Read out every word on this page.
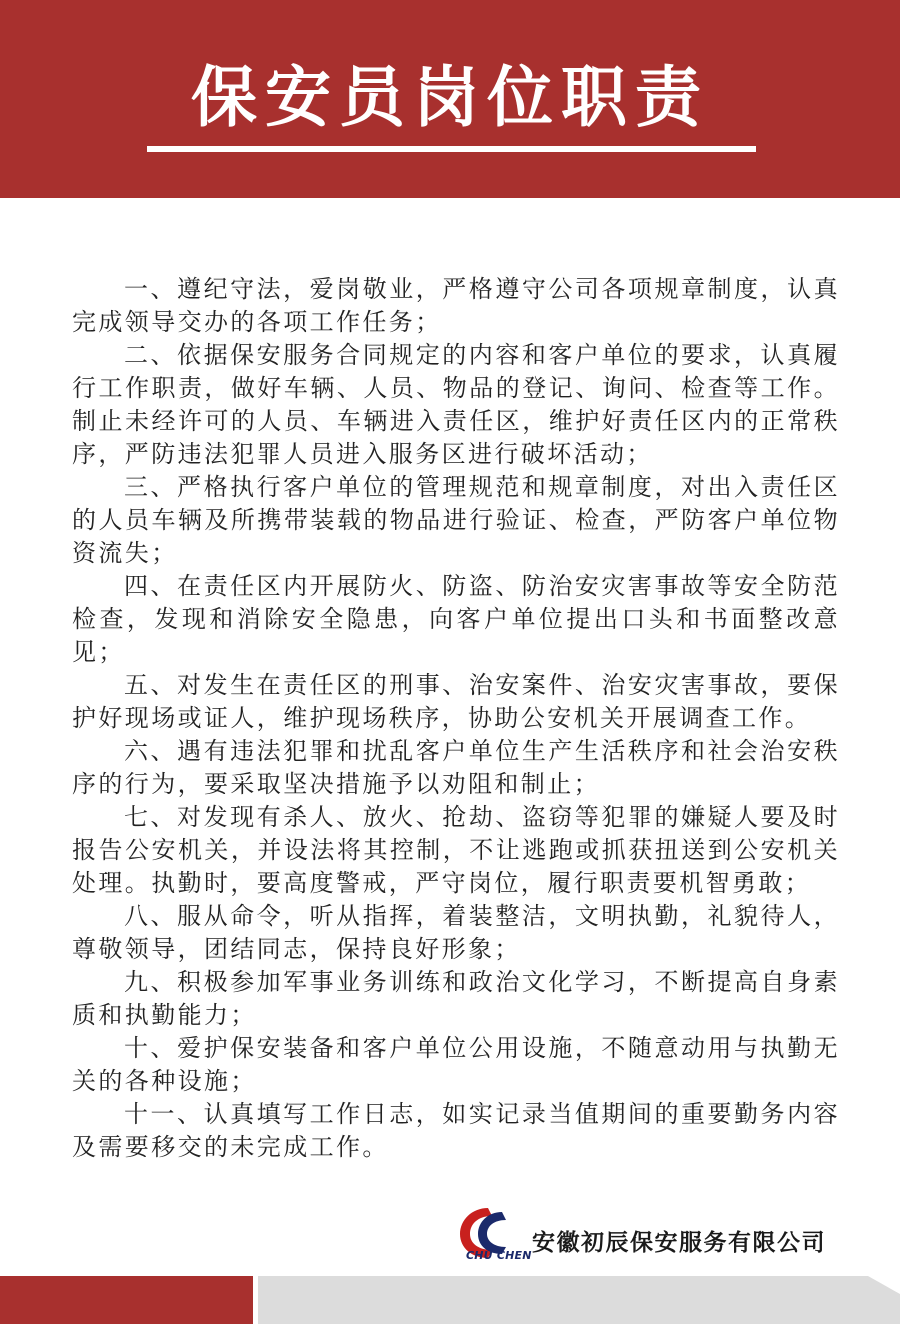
保安员岗位职责

一、遵纪守法，爱岗敬业，严格遵守公司各项规章制度，认真完成领导交办的各项工作任务；

二、依据保安服务合同规定的内容和客户单位的要求，认真履行工作职责，做好车辆、人员、物品的登记、询问、检查等工作。制止未经许可的人员、车辆进入责任区，维护好责任区内的正常秩序，严防违法犯罪人员进入服务区进行破坏活动；

三、严格执行客户单位的管理规范和规章制度，对出入责任区的人员车辆及所携带装载的物品进行验证、检查，严防客户单位物资流失；

四、在责任区内开展防火、防盗、防治安灾害事故等安全防范检查，发现和消除安全隐患，向客户单位提出口头和书面整改意见；

五、对发生在责任区的刑事、治安案件、治安灾害事故，要保护好现场或证人，维护现场秩序，协助公安机关开展调查工作。

六、遇有违法犯罪和扰乱客户单位生产生活秩序和社会治安秩序的行为，要采取坚决措施予以劝阻和制止；

七、对发现有杀人、放火、抢劫、盗窃等犯罪的嫌疑人要及时报告公安机关，并设法将其控制，不让逃跑或抓获扭送到公安机关处理。执勤时，要高度警戒，严守岗位，履行职责要机智勇敢；

八、服从命令，听从指挥，着装整洁，文明执勤，礼貌待人，尊敬领导，团结同志，保持良好形象；

九、积极参加军事业务训练和政治文化学习，不断提高自身素质和执勤能力；

十、爱护保安装备和客户单位公用设施，不随意动用与执勤无关的各种设施；

十一、认真填写工作日志，如实记录当值期间的重要勤务内容及需要移交的未完成工作。

CHU CHEN 安徽初辰保安服务有限公司
